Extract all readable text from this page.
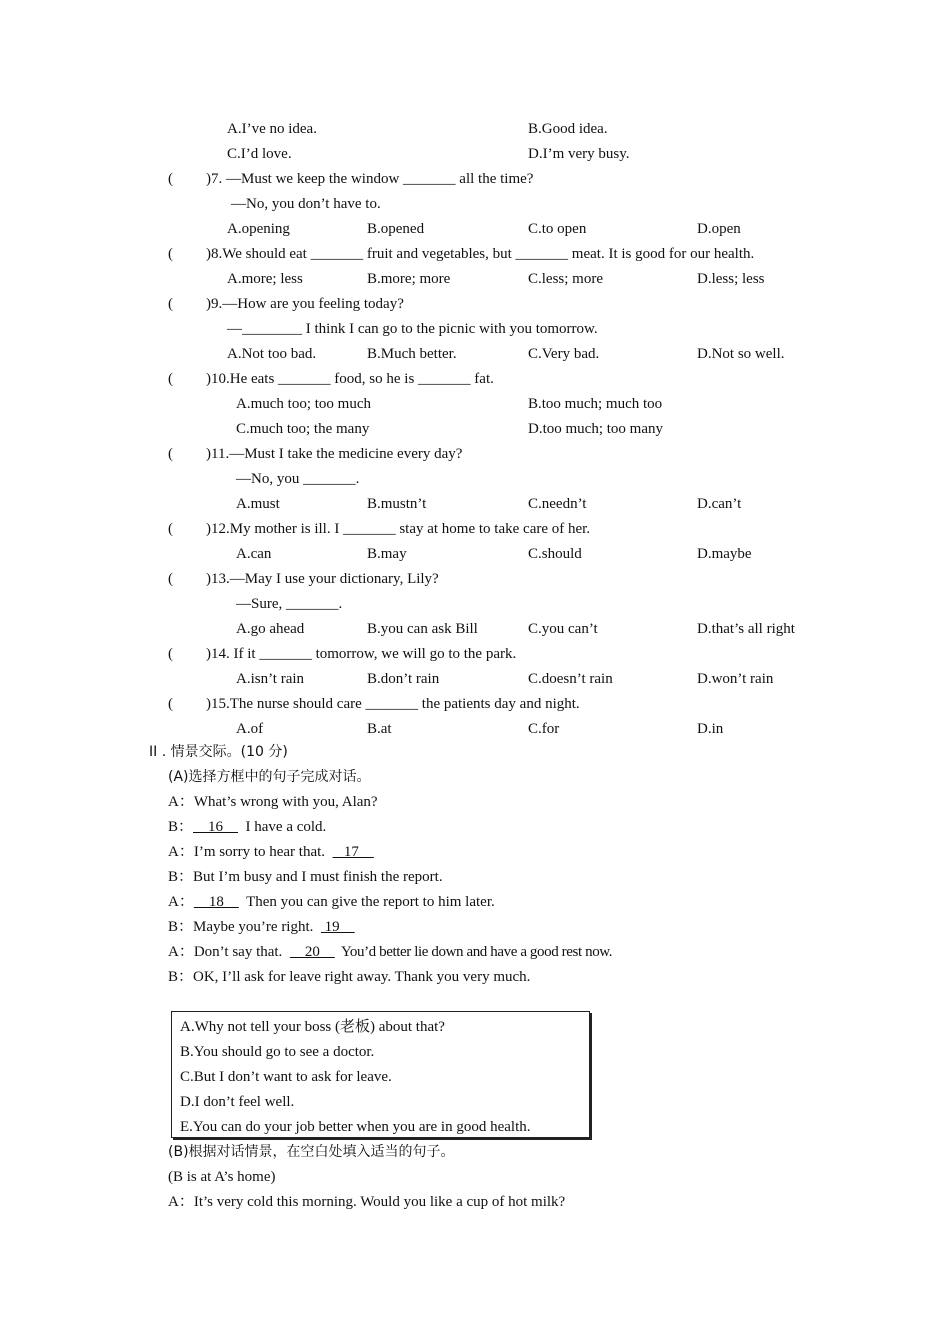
A.I’ve no idea.	B.Good idea.
C.I’d love.	D.I’m very busy.
( )7. —Must we keep the window _______ all the time?
—No, you don’t have to.
A.opening	B.opened	C.to open	D.open
( )8.We should eat _______ fruit and vegetables, but _______ meat. It is good for our health.
A.more; less	B.more; more	C.less; more	D.less; less
( )9.—How are you feeling today?
—________ I think I can go to the picnic with you tomorrow.
A.Not too bad.	B.Much better.	C.Very bad.	D.Not so well.
( )10.He eats _______ food, so he is _______ fat.
A.much too; too much	B.too much; much too
C.much too; the many	D.too much; too many
( )11.—Must I take the medicine every day?
—No, you _______.
A.must	B.mustn’t	C.needn’t	D.can’t
( )12.My mother is ill. I _______ stay at home to take care of her.
A.can	B.may	C.should	D.maybe
( )13.—May I use your dictionary, Lily?
—Sure, _______.
A.go ahead	B.you can ask Bill	C.you can’t	D.that’s all right
( )14. If it _______ tomorrow, we will go to the park.
A.isn’t rain	B.don’t rain	C.doesn’t rain	D.won’t rain
( )15.The nurse should care _______ the patients day and night.
A.of	B.at	C.for	D.in
II . 情景交际。(10 分)
(A)选择方框中的句子完成对话。
A：What’s wrong with you, Alan?
B：    16      I have a cold.
A：I’m sorry to hear that.     17
B：But I’m busy and I must finish the report.
A：    18      Then you can give the report to him later.
B：Maybe you’re right.   19
A：Don’t say that.      20      You’d better lie down and have a good rest now.
B：OK, I’ll ask for leave right away. Thank you very much.
A.Why not tell your boss (老板) about that?
B.You should go to see a doctor.
C.But I don’t want to ask for leave.
D.I don’t feel well.
E.You can do your job better when you are in good health.
(B)根据对话情景，在空白处填入适当的句子。
(B is at A’s home)
A：It’s very cold this morning. Would you like a cup of hot milk?
